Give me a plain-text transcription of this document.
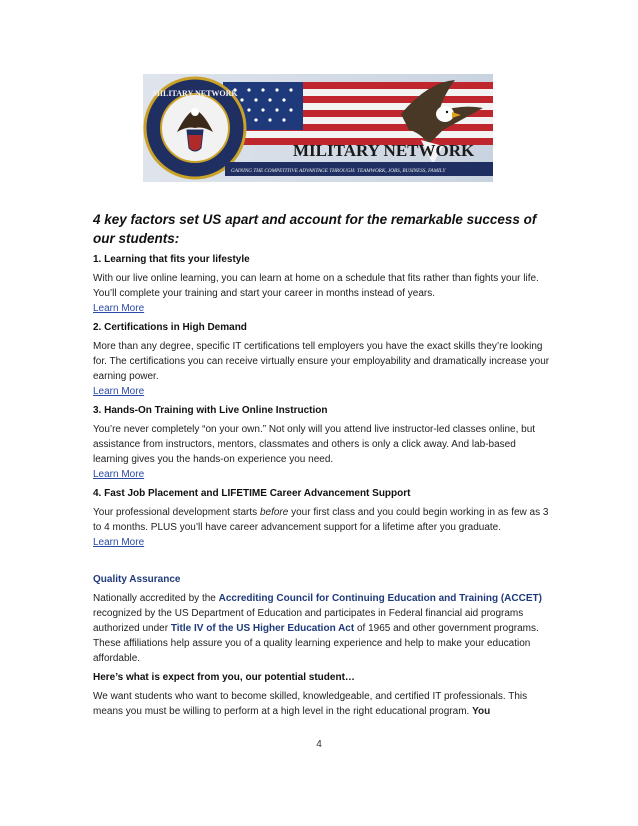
MILITARY NETWORK
MILITARY NETWORK
GAINING THE COMPETITIVE ADVANTAGE THROUGH: TEAMWORK, JOBS, BUSINESS, FAMILY

4 key factors set US apart and account for the remarkable success of our students:

1. Learning that fits your lifestyle

With our live online learning, you can learn at home on a schedule that fits rather than fights your life. You’ll complete your training and start your career in months instead of years.

Learn More
2. Certifications in High Demand

More than any degree, specific IT certifications tell employers you have the exact skills they’re looking for. The certifications you can receive virtually ensure your employability and dramatically increase your earning power.

Learn More
3. Hands-On Training with Live Online Instruction

You’re never completely “on your own.” Not only will you attend live instructor-led classes online, but assistance from instructors, mentors, classmates and others is only a click away. And lab-based learning gives you the hands-on experience you need.

Learn More
4. Fast Job Placement and LIFETIME Career Advancement Support

Your professional development starts before your first class and you could begin working in as few as 3 to 4 months. PLUS you’ll have career advancement support for a lifetime after you graduate.

Learn More
Quality Assurance

Nationally accredited by the Accrediting Council for Continuing Education and Training (ACCET) recognized by the US Department of Education and participates in Federal financial aid programs authorized under Title IV of the US Higher Education Act of 1965 and other government programs. These affiliations help assure you of a quality learning experience and help to make your education affordable.

Here’s what is expect from you, our potential student…

We want students who want to become skilled, knowledgeable, and certified IT professionals. This means you must be willing to perform at a high level in the right educational program. You

4
